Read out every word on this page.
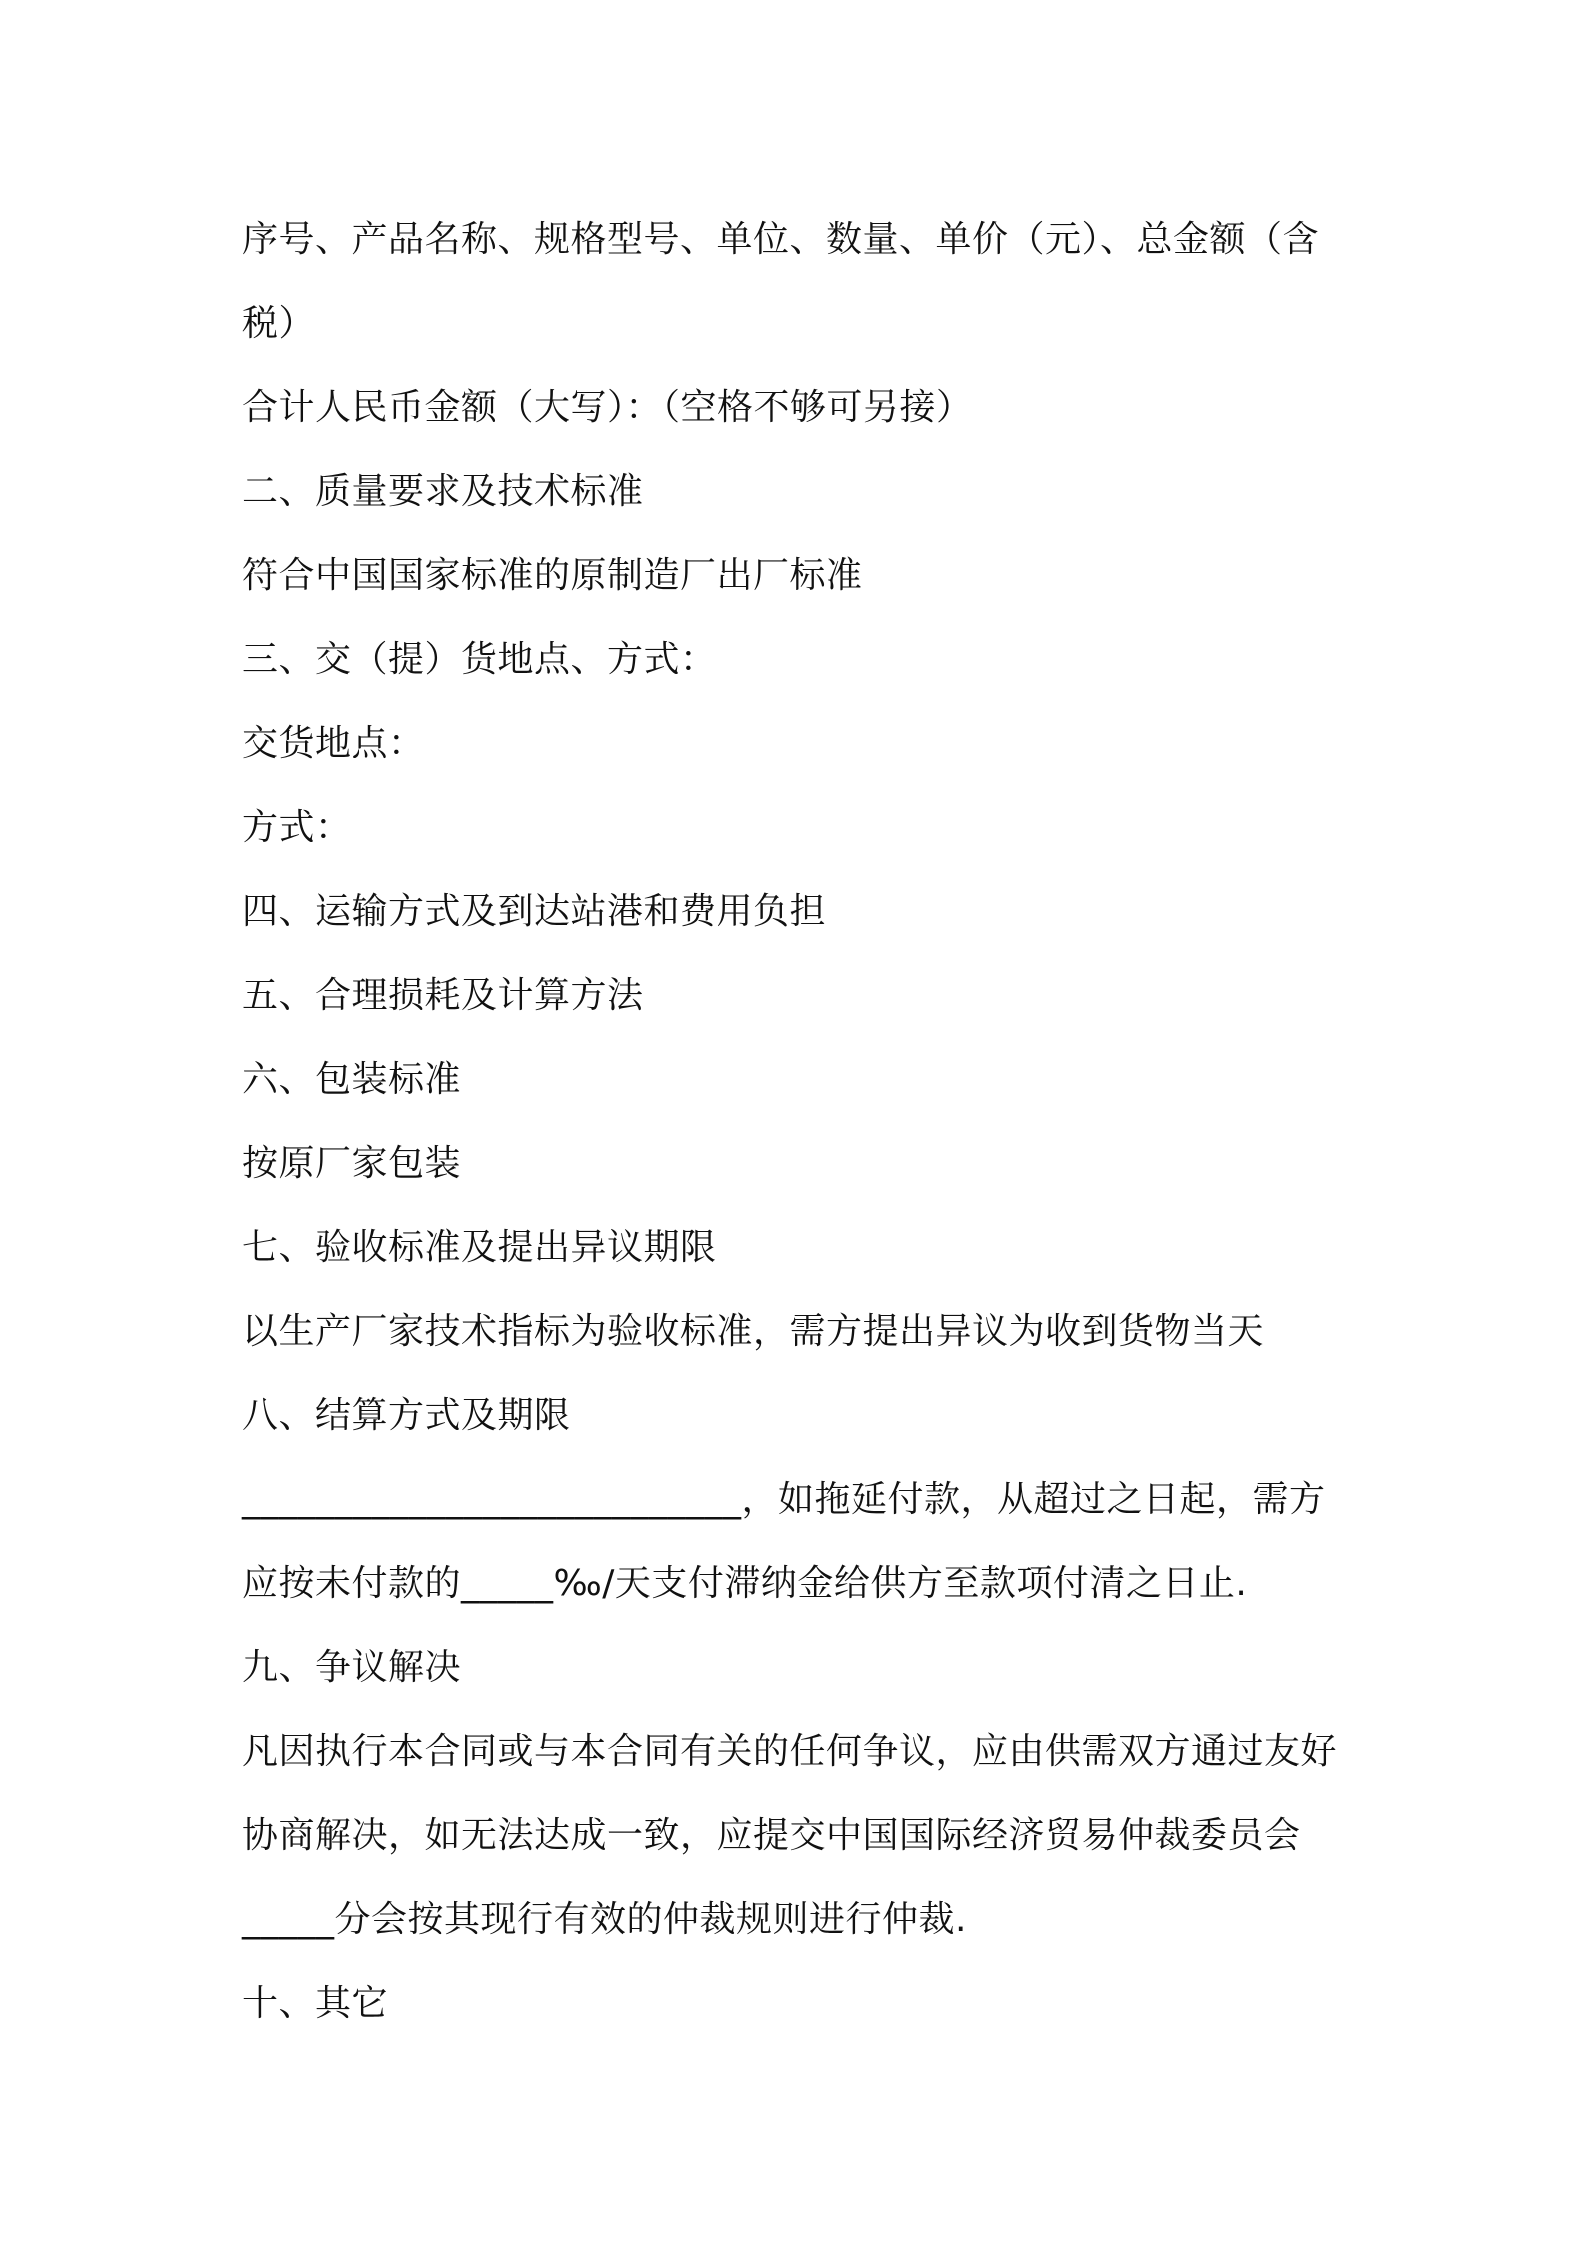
序号、产品名称、规格型号、单位、数量、单价（元）、总金额（含
税）
合计人民币金额（大写）：（空格不够可另接）
二、质量要求及技术标准
符合中国国家标准的原制造厂出厂标准
三、交（提）货地点、方式：
交货地点：
方式：
四、运输方式及到达站港和费用负担
五、合理损耗及计算方法
六、包装标准
按原厂家包装
七、验收标准及提出异议期限
以生产厂家技术指标为验收标准，需方提出异议为收到货物当天
八、结算方式及期限
___________________________，如拖延付款，从超过之日起，需方
应按未付款的_____‰/天支付滞纳金给供方至款项付清之日止.
九、争议解决
凡因执行本合同或与本合同有关的任何争议，应由供需双方通过友好
协商解决，如无法达成一致，应提交中国国际经济贸易仲裁委员会
_____分会按其现行有效的仲裁规则进行仲裁.
十、其它
